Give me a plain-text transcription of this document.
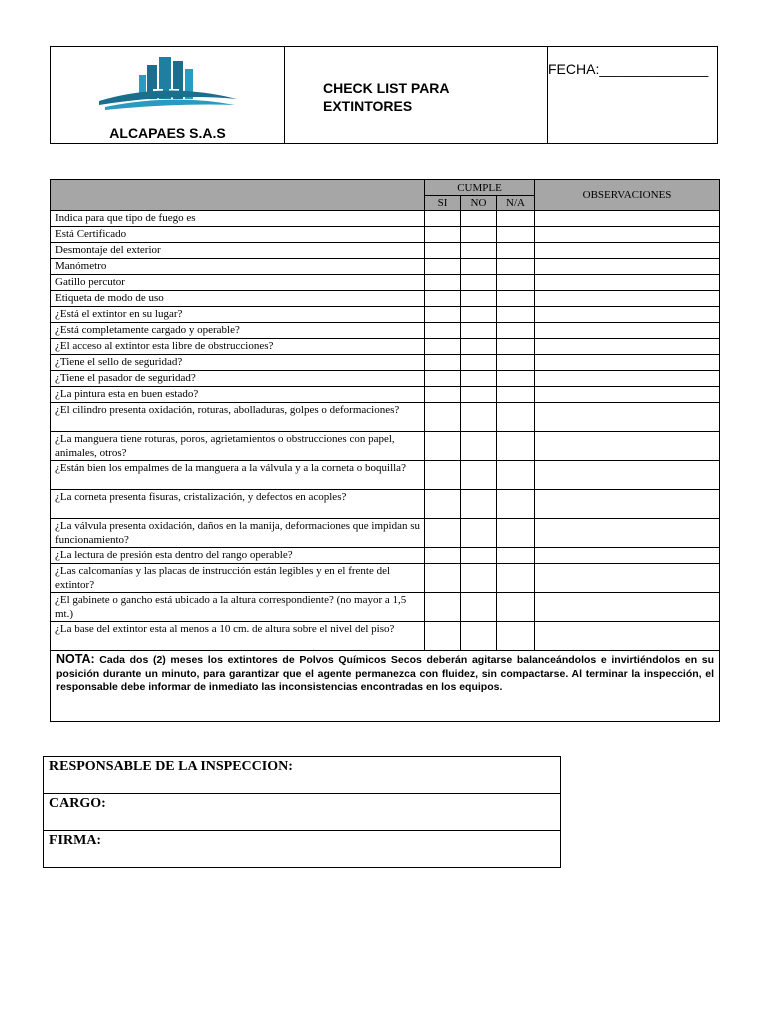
ALCAPAES S.A.S
CHECK LIST PARA
EXTINTORES
FECHA:______________
	CUMPLE			OBSERVACIONES
	SI	NO	N/A	
Indica para que tipo de fuego es				
Está Certificado				
Desmontaje del exterior				
Manómetro				
Gatillo percutor				
Etiqueta de modo de uso				
¿Está el extintor en su lugar?				
¿Está completamente cargado y operable?				
¿El acceso al extintor esta libre de obstrucciones?				
¿Tiene el sello de seguridad?				
¿Tiene el pasador de seguridad?				
¿La pintura esta en buen estado?				
¿El cilindro presenta oxidación, roturas, abolladuras, golpes o deformaciones?				
¿La manguera tiene roturas, poros, agrietamientos o obstrucciones con papel, animales, otros?				
¿Están bien los empalmes de la manguera a la válvula y a la corneta o boquilla?				
¿La corneta presenta fisuras, cristalización, y defectos en acoples?				
¿La válvula presenta oxidación, daños en la manija, deformaciones que impidan su funcionamiento?				
¿La lectura de presión esta dentro del rango operable?				
¿Las calcomanías y las placas de instrucción están legibles y en el frente del extintor?				
¿El gabinete o gancho está ubicado a la altura correspondiente? (no mayor a 1,5 mt.)				
¿La base del extintor esta al menos a 10 cm. de altura sobre el nivel del piso?				
NOTA: Cada dos (2) meses los extintores de Polvos Químicos Secos deberán agitarse balanceándolos e invirtiéndolos en su posición durante un minuto, para garantizar que el agente permanezca con fluidez, sin compactarse. Al terminar la inspección, el responsable debe informar de inmediato las inconsistencias encontradas en los equipos.				
RESPONSABLE DE LA INSPECCION:
CARGO:
FIRMA:
